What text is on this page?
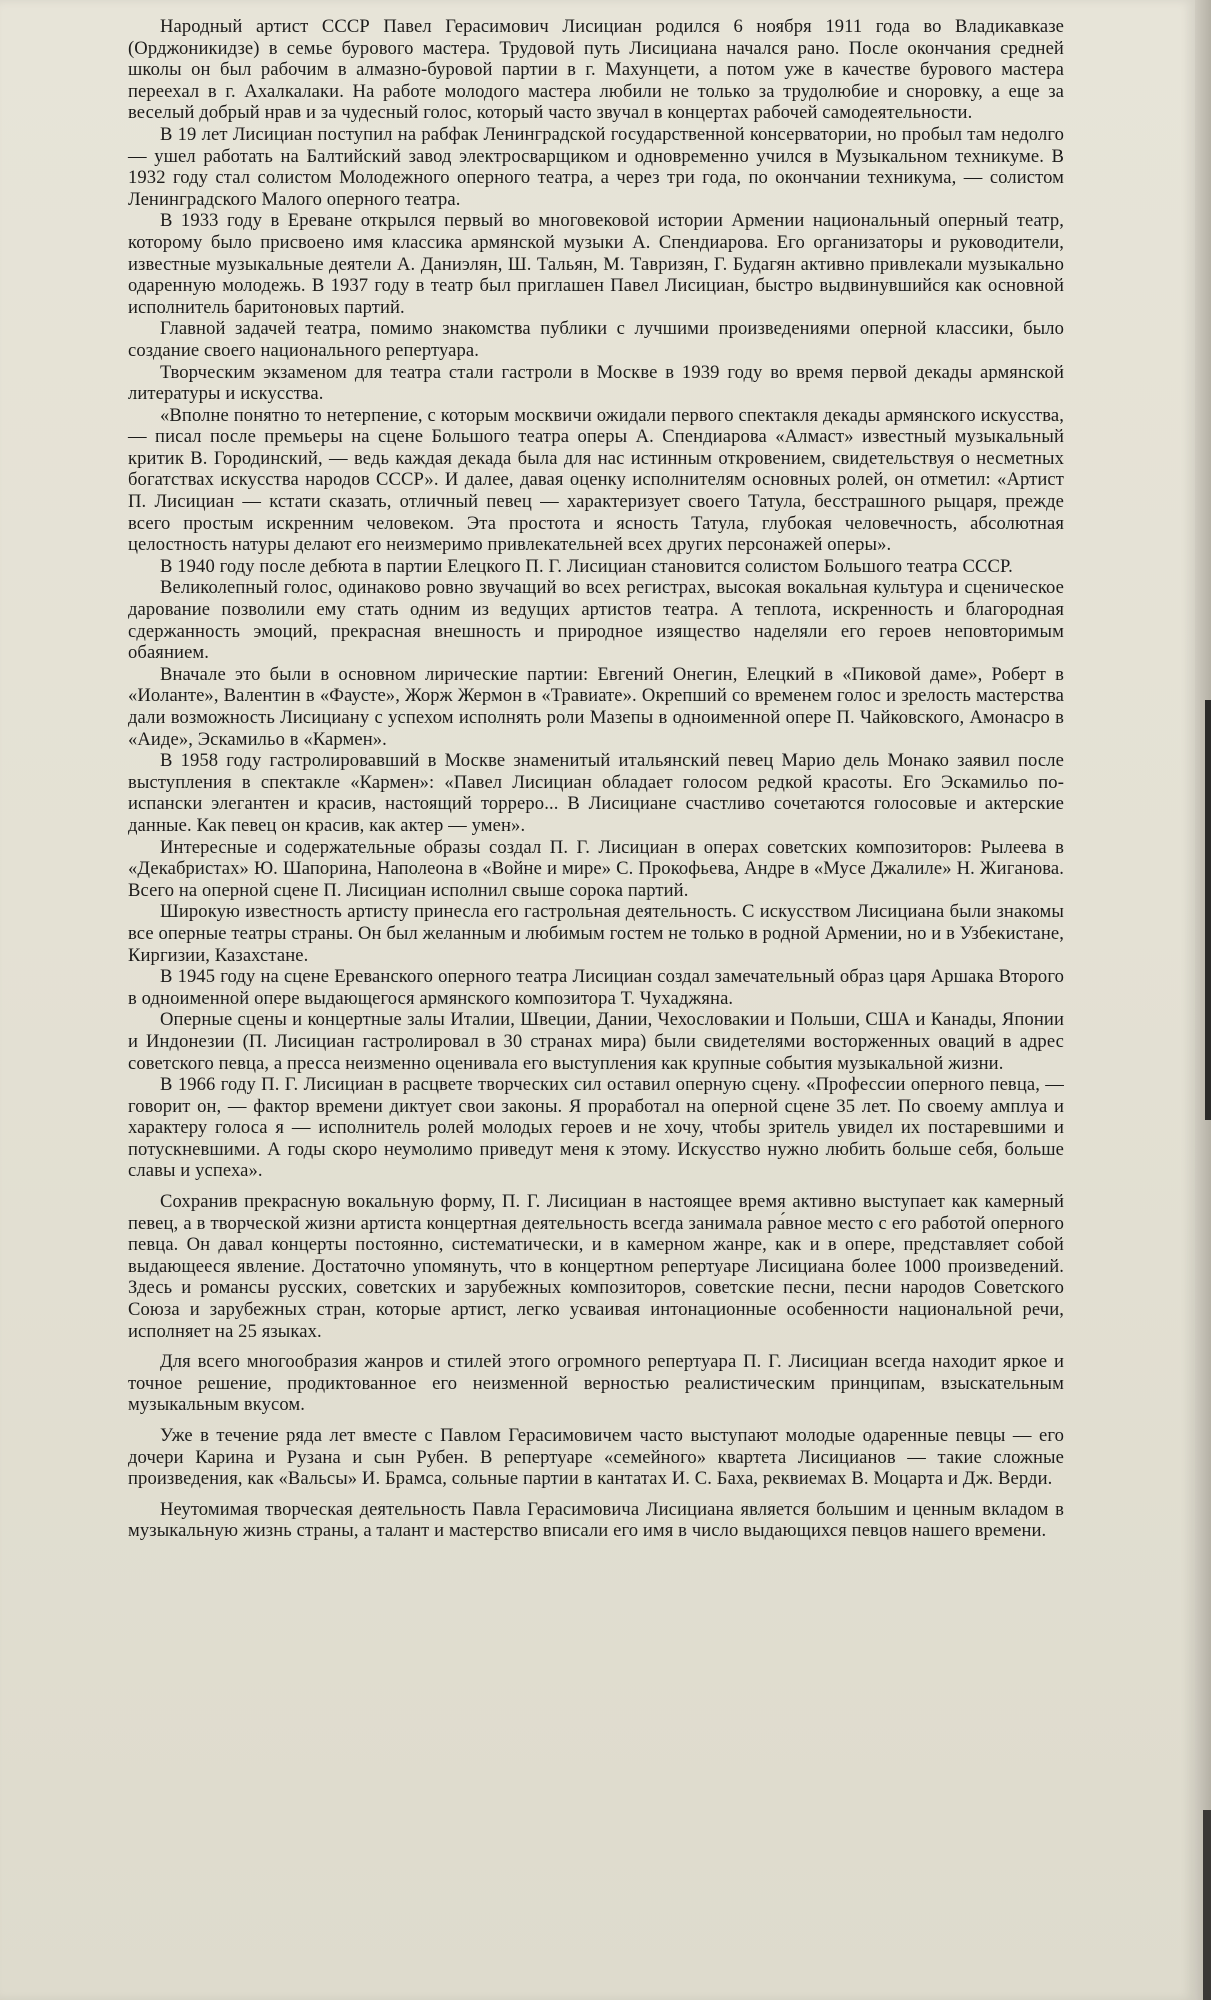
Народный артист СССР Павел Герасимович Лисициан родился 6 ноября 1911 года во Владикавказе (Орджоникидзе) в семье бурового мастера. Трудовой путь Лисициана начался рано. После окончания средней школы он был рабочим в алмазно-буровой партии в г. Махунцети, а потом уже в качестве бурового мастера переехал в г. Ахалкалаки. На работе молодого мастера любили не только за трудолюбие и сноровку, а еще за веселый добрый нрав и за чудесный голос, который часто звучал в концертах рабочей самодеятельности.

В 19 лет Лисициан поступил на рабфак Ленинградской государственной консерватории, но пробыл там недолго — ушел работать на Балтийский завод электросварщиком и одновременно учился в Музыкальном техникуме. В 1932 году стал солистом Молодежного оперного театра, а через три года, по окончании техникума, — солистом Ленинградского Малого оперного театра.

В 1933 году в Ереване открылся первый во многовековой истории Армении национальный оперный театр, которому было присвоено имя классика армянской музыки А. Спендиарова. Его организаторы и руководители, известные музыкальные деятели А. Даниэлян, Ш. Тальян, М. Тавризян, Г. Будагян активно привлекали музыкально одаренную молодежь. В 1937 году в театр был приглашен Павел Лисициан, быстро выдвинувшийся как основной исполнитель баритоновых партий.

Главной задачей театра, помимо знакомства публики с лучшими произведениями оперной классики, было создание своего национального репертуара.

Творческим экзаменом для театра стали гастроли в Москве в 1939 году во время первой декады армянской литературы и искусства.

«Вполне понятно то нетерпение, с которым москвичи ожидали первого спектакля декады армянского искусства, — писал после премьеры на сцене Большого театра оперы А. Спендиарова «Алмаст» известный музыкальный критик В. Городинский, — ведь каждая декада была для нас истинным откровением, свидетельствуя о несметных богатствах искусства народов СССР». И далее, давая оценку исполнителям основных ролей, он отметил: «Артист П. Лисициан — кстати сказать, отличный певец — характеризует своего Татула, бесстрашного рыцаря, прежде всего простым искренним человеком. Эта простота и ясность Татула, глубокая человечность, абсолютная целостность натуры делают его неизмеримо привлекательней всех других персонажей оперы».

В 1940 году после дебюта в партии Елецкого П. Г. Лисициан становится солистом Большого театра СССР.

Великолепный голос, одинаково ровно звучащий во всех регистрах, высокая вокальная культура и сценическое дарование позволили ему стать одним из ведущих артистов театра. А теплота, искренность и благородная сдержанность эмоций, прекрасная внешность и природное изящество наделяли его героев неповторимым обаянием.

Вначале это были в основном лирические партии: Евгений Онегин, Елецкий в «Пиковой даме», Роберт в «Иоланте», Валентин в «Фаусте», Жорж Жермон в «Травиате». Окрепший со временем голос и зрелость мастерства дали возможность Лисициану с успехом исполнять роли Мазепы в одноименной опере П. Чайковского, Амонасро в «Аиде», Эскамильо в «Кармен».

В 1958 году гастролировавший в Москве знаменитый итальянский певец Марио дель Монако заявил после выступления в спектакле «Кармен»: «Павел Лисициан обладает голосом редкой красоты. Его Эскамильо по-испански элегантен и красив, настоящий торреро... В Лисициане счастливо сочетаются голосовые и актерские данные. Как певец он красив, как актер — умен».

Интересные и содержательные образы создал П. Г. Лисициан в операх советских композиторов: Рылеева в «Декабристах» Ю. Шапорина, Наполеона в «Войне и мире» С. Прокофьева, Андре в «Мусе Джалиле» Н. Жиганова. Всего на оперной сцене П. Лисициан исполнил свыше сорока партий.

Широкую известность артисту принесла его гастрольная деятельность. С искусством Лисициана были знакомы все оперные театры страны. Он был желанным и любимым гостем не только в родной Армении, но и в Узбекистане, Киргизии, Казахстане.

В 1945 году на сцене Ереванского оперного театра Лисициан создал замечательный образ царя Аршака Второго в одноименной опере выдающегося армянского композитора Т. Чухаджяна.

Оперные сцены и концертные залы Италии, Швеции, Дании, Чехословакии и Польши, США и Канады, Японии и Индонезии (П. Лисициан гастролировал в 30 странах мира) были свидетелями восторженных оваций в адрес советского певца, а пресса неизменно оценивала его выступления как крупные события музыкальной жизни.

В 1966 году П. Г. Лисициан в расцвете творческих сил оставил оперную сцену. «Профессии оперного певца, — говорит он, — фактор времени диктует свои законы. Я проработал на оперной сцене 35 лет. По своему амплуа и характеру голоса я — исполнитель ролей молодых героев и не хочу, чтобы зритель увидел их постаревшими и потускневшими. А годы скоро неумолимо приведут меня к этому. Искусство нужно любить больше себя, больше славы и успеха».

Сохранив прекрасную вокальную форму, П. Г. Лисициан в настоящее время активно выступает как камерный певец, а в творческой жизни артиста концертная деятельность всегда занимала ра́вное место с его работой оперного певца. Он давал концерты постоянно, систематически, и в камерном жанре, как и в опере, представляет собой выдающееся явление. Достаточно упомянуть, что в концертном репертуаре Лисициана более 1000 произведений. Здесь и романсы русских, советских и зарубежных композиторов, советские песни, песни народов Советского Союза и зарубежных стран, которые артист, легко усваивая интонационные особенности национальной речи, исполняет на 25 языках.

Для всего многообразия жанров и стилей этого огромного репертуара П. Г. Лисициан всегда находит яркое и точное решение, продиктованное его неизменной верностью реалистическим принципам, взыскательным музыкальным вкусом.

Уже в течение ряда лет вместе с Павлом Герасимовичем часто выступают молодые одаренные певцы — его дочери Карина и Рузана и сын Рубен. В репертуаре «семейного» квартета Лисицианов — такие сложные произведения, как «Вальсы» И. Брамса, сольные партии в кантатах И. С. Баха, реквиемах В. Моцарта и Дж. Верди.

Неутомимая творческая деятельность Павла Герасимовича Лисициана является большим и ценным вкладом в музыкальную жизнь страны, а талант и мастерство вписали его имя в число выдающихся певцов нашего времени.
